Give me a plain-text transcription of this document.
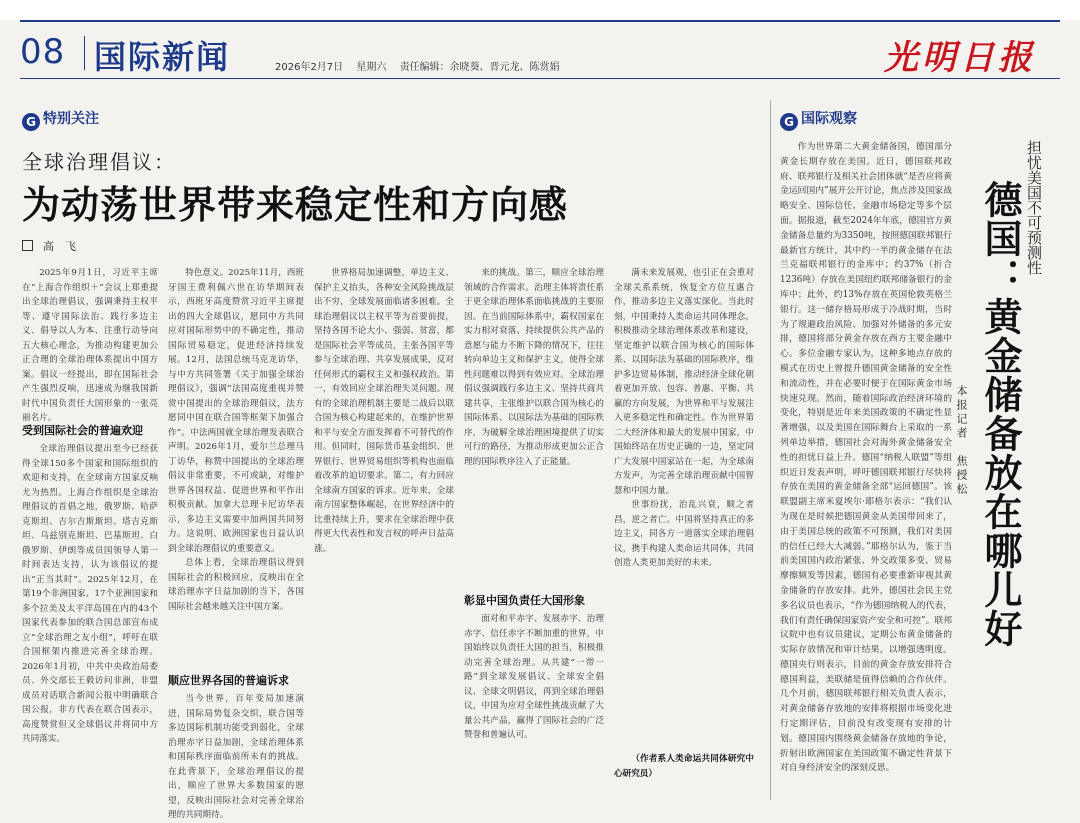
08 国际新闻	2026年2月7日 星期六 责任编辑：余晓葵、晋元龙、陈赏娟	光明日报
G 特别关注
全球治理倡议：
为动荡世界带来稳定性和方向感
高　飞

2025年9月1日，习近平主席在“上海合作组织＋”会议上郑重提出全球治理倡议，强调秉持主权平等、遵守国际法治、践行多边主义、倡导以人为本、注重行动导向五大核心理念，为推动构建更加公正合理的全球治理体系提出中国方案。倡议一经提出，即在国际社会产生强烈反响，迅速成为继我国新时代中国负责任大国形象的一张亮丽名片。

受到国际社会的普遍欢迎

全球治理倡议提出至今已经获得全球150多个国家和国际组织的欢迎和支持，在全球南方国家反响尤为热烈。上海合作组织是全球治理倡议的首倡之地，俄罗斯、哈萨克斯坦、吉尔吉斯斯坦、塔吉克斯坦、乌兹别克斯坦、巴基斯坦、白俄罗斯、伊朗等成员国领导人第一时间表达支持，认为该倡议的提出“正当其时”。2025年12月，在第19个非洲国家、17个亚洲国家和多个拉美及太平洋岛国在内的43个国家代表参加的联合国总部宣布成立“全球治理之友小组”，呼吁在联合国框架内推进完善全球治理。2026年1月初，中共中央政治局委员、外交部长王毅访问非洲，非盟成员对话联合新闻公报中明确联合国公报，非方代表在联合国表示，高度赞赏但又全球倡议并将同中方共同落实。

特色意义。2025年11月，西班牙国王费利佩六世在访华期间表示，西班牙高度赞赏习近平主席提出的四大全球倡议，愿同中方共同应对国际形势中的不确定性，推动国际贸易稳定，促进经济持续发展。12月，法国总统马克龙访华，与中方共同签署《关于加强全球治理倡议》，强调“法国高度重视并赞赏中国提出的全球治理倡议，法方愿同中国在联合国等框架下加强合作”。中法两国就全球治理发表联合声明。2026年1月，爱尔兰总理马丁访华，称赞中国提出的全球治理倡议非常重要，不可或缺，对维护世界各国权益、促进世界和平作出积极贡献。加拿大总理卡尼访华表示，多边主义需要中加两国共同努力。这说明，欧洲国家也日益认识到全球治理倡议的重要意义。

总体上看，全球治理倡议得到国际社会的积极回应，反映出在全球治理赤字日益加剧的当下，各国国际社会越来越关注中国方案。

顺应世界各国的普遍诉求

当今世界，百年变局加速演进，国际局势复杂交织，联合国等多边国际机制功能受到弱化，全球治理赤字日益加剧，全球治理体系和国际秩序面临前所未有的挑战。在此背景下，全球治理倡议的提出，顺应了世界大多数国家的愿望，反映出国际社会对完善全球治理的共同期待。

世界格局加速调整，单边主义、保护主义抬头，各种安全风险挑战层出不穷，全球发展面临诸多困难。全球治理倡议以主权平等为首要前提，坚持各国不论大小、强弱、贫富，都是国际社会平等成员，主张各国平等参与全球治理、共享发展成果，反对任何形式的霸权主义和强权政治。第一，有效回应全球治理失灵问题。现有的全球治理机制主要是二战后以联合国为核心构建起来的，在维护世界和平与安全方面发挥着不可替代的作用。但同时，国际货币基金组织、世界银行、世界贸易组织等机构也面临着改革的迫切要求。第二，有力回应全球南方国家的诉求。近年来，全球南方国家整体崛起，在世界经济中的比重持续上升，要求在全球治理中获得更大代表性和发言权的呼声日益高涨。

来的挑战。第三，顺应全球治理领域的合作需求。治理主体将责任系于更全球治理体系面临挑战的主要原因。在当前国际体系中，霸权国家在实力相对衰落、持续提供公共产品的意愿与能力不断下降的情况下，往往转向单边主义和保护主义，使得全球性问题难以得到有效应对。全球治理倡议强调践行多边主义、坚持共商共建共享，主张维护以联合国为核心的国际体系、以国际法为基础的国际秩序，为破解全球治理困境提供了切实可行的路径，为推动形成更加公正合理的国际秩序注入了正能量。

彰显中国负责任大国形象

面对和平赤字、发展赤字、治理赤字、信任赤字不断加重的世界，中国始终以负责任大国的担当，积极推动完善全球治理。从共建“一带一路”到全球发展倡议、全球安全倡议、全球文明倡议，再到全球治理倡议，中国为应对全球性挑战贡献了大量公共产品，赢得了国际社会的广泛赞誉和普遍认可。

满未来发展观，也引正在会重对全球关系系统，恢复全方位互惠合作，推动多边主义落实深化。当此时刻，中国秉持人类命运共同体理念，积极推动全球治理体系改革和建设，坚定维护以联合国为核心的国际体系、以国际法为基础的国际秩序，维护多边贸易体制，推动经济全球化朝着更加开放、包容、普惠、平衡、共赢的方向发展，为世界和平与发展注入更多稳定性和确定性。作为世界第二大经济体和最大的发展中国家，中国始终站在历史正确的一边，坚定同广大发展中国家站在一起，为全球南方发声，为完善全球治理贡献中国智慧和中国力量。

世事纷扰，治乱兴衰，顺之者昌，逆之者亡。中国将坚持真正的多边主义，同各方一道落实全球治理倡议，携手构建人类命运共同体，共同创造人类更加美好的未来。

（作者系人类命运共同体研究中心研究员）

G 国际观察

作为世界第二大黄金储备国，德国部分黄金长期存放在美国。近日，德国联邦政府、联邦银行及相关社会团体就“是否应将黄金运回国内”展开公开讨论，焦点涉及国家战略安全、国际信任、金融市场稳定等多个层面。据报道，截至2024年年底，德国官方黄金储备总量约为3350吨，按照德国联邦银行最新官方统计，其中约一半的黄金储存在法兰克福联邦银行的金库中；约37%（折合1236吨）存放在美国纽约联邦储备银行的金库中；此外，约13%存放在英国伦敦英格兰银行。这一储存格局形成于冷战时期，当时为了规避政治风险、加强对外储备的多元安排，德国将部分黄金存放在西方主要金融中心。多位金融专家认为，这种多地点存放的模式在历史上曾提升德国黄金储备的安全性和流动性，并在必要时便于在国际黄金市场快速兑现。然而，随着国际政治经济环境的变化，特别是近年来美国政策的不确定性显著增强，以及美国在国际舞台上采取的一系列单边举措，德国社会对海外黄金储备安全性的担忧日益上升。德国“纳税人联盟”等组织近日发表声明，呼吁德国联邦银行尽快将存放在美国的黄金储备全部“运回德国”。该联盟副主席米夏埃尔·耶格尔表示：“我们认为现在是时候把德国黄金从美国带回来了，由于美国总统的政策不可预测，我们对美国的信任已经大大减弱。”耶格尔认为，鉴于当前美国国内政治紧张、外交政策多变、贸易摩擦频发等因素，德国有必要重新审视其黄金储备的存放安排。此外，德国社会民主党多名议员也表示，“作为德国纳税人的代表，我们有责任确保国家资产安全和可控”。联邦议院中也有议员建议，定期公布黄金储备的实际存放情况和审计结果，以增强透明度。德国央行则表示，目前的黄金存放安排符合德国利益，美联储是值得信赖的合作伙伴。几个月前，德国联邦银行相关负责人表示，对黄金储备存放地的安排将根据市场变化进行定期评估，目前没有改变现有安排的计划。德国国内围绕黄金储备存放地的争论，折射出欧洲国家在美国政策不确定性背景下对自身经济安全的深刻反思。

担忧美国不可预测性
德国：黄金储备放在哪儿好
本报记者　焦授松
